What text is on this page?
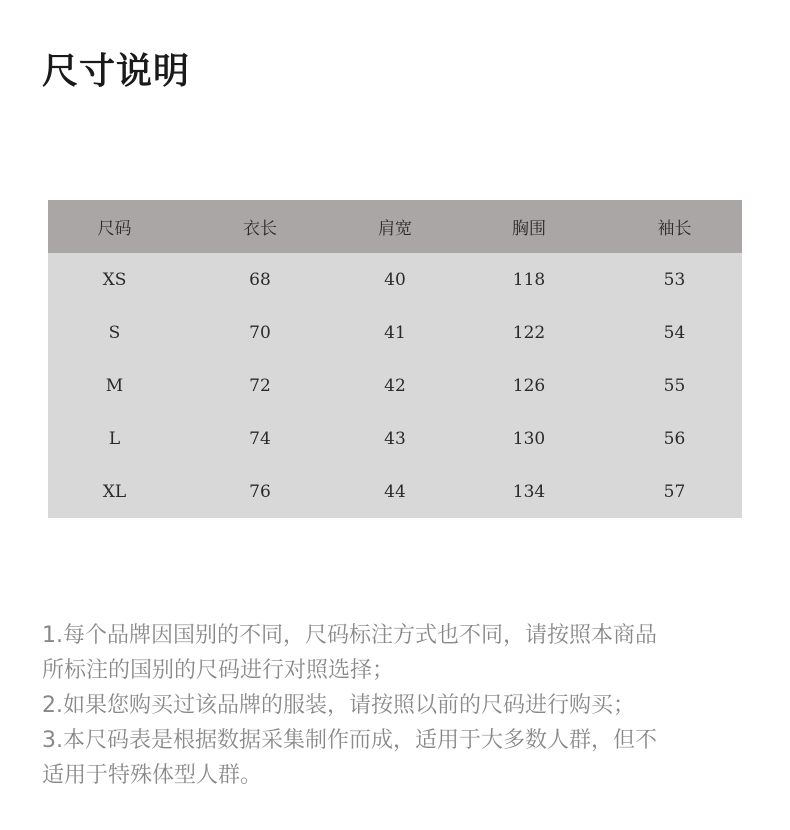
尺寸说明
尺码	衣长	肩宽	胸围	袖长
XS	68	40	118	53
S	70	41	122	54
M	72	42	126	55
L	74	43	130	56
XL	76	44	134	57

1.每个品牌因国别的不同，尺码标注方式也不同，请按照本商品

所标注的国别的尺码进行对照选择；

2.如果您购买过该品牌的服装，请按照以前的尺码进行购买；

3.本尺码表是根据数据采集制作而成，适用于大多数人群，但不

适用于特殊体型人群。
